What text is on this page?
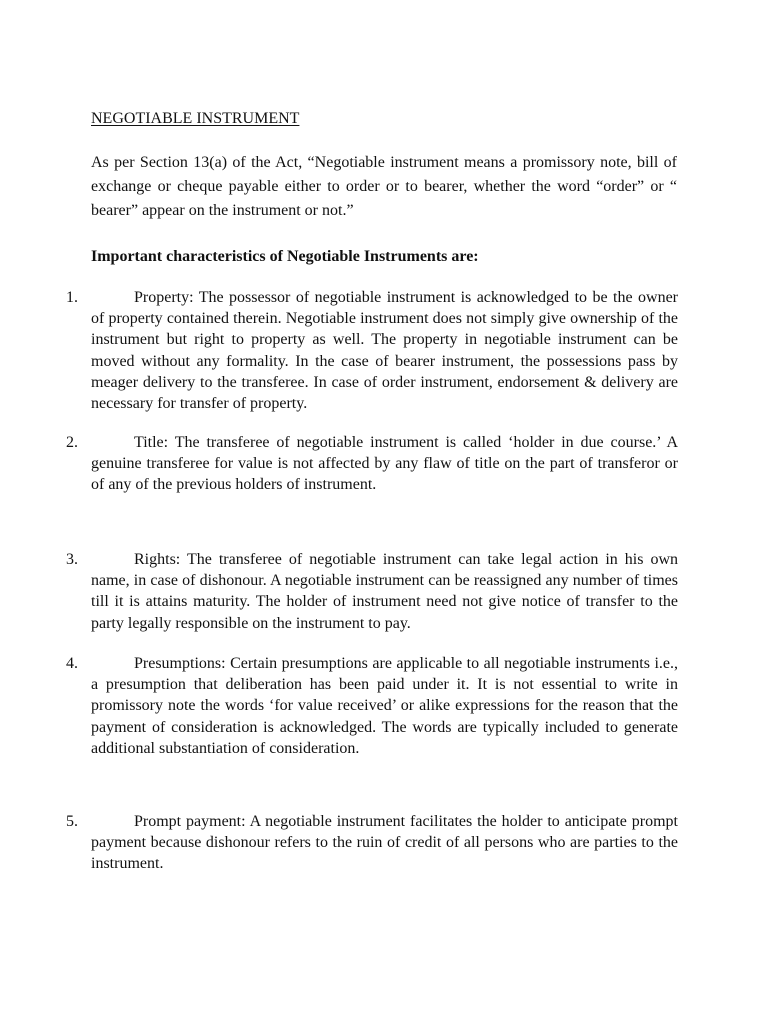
NEGOTIABLE INSTRUMENT
As per Section 13(a) of the Act, “Negotiable instrument means a promissory note, bill of exchange or cheque payable either to order or to bearer, whether the word “order” or “ bearer” appear on the instrument or not.”
Important characteristics of Negotiable Instruments are:
1.	Property: The possessor of negotiable instrument is acknowledged to be the owner of property contained therein. Negotiable instrument does not simply give ownership of the instrument but right to property as well. The property in negotiable instrument can be moved without any formality. In the case of bearer instrument, the possessions pass by meager delivery to the transferee. In case of order instrument, endorsement & delivery are necessary for transfer of property.
2.	Title: The transferee of negotiable instrument is called ‘holder in due course.’ A genuine transferee for value is not affected by any flaw of title on the part of transferor or of any of the previous holders of instrument.
3.	Rights: The transferee of negotiable instrument can take legal action in his own name, in case of dishonour. A negotiable instrument can be reassigned any number of times till it is attains maturity. The holder of instrument need not give notice of transfer to the party legally responsible on the instrument to pay.
4.	Presumptions: Certain presumptions are applicable to all negotiable instruments i.e., a presumption that deliberation has been paid under it. It is not essential to write in promissory note the words ‘for value received’ or alike expressions for the reason that the payment of consideration is acknowledged. The words are typically included to generate additional substantiation of consideration.
5.	Prompt payment: A negotiable instrument facilitates the holder to anticipate prompt payment because dishonour refers to the ruin of credit of all persons who are parties to the instrument.
